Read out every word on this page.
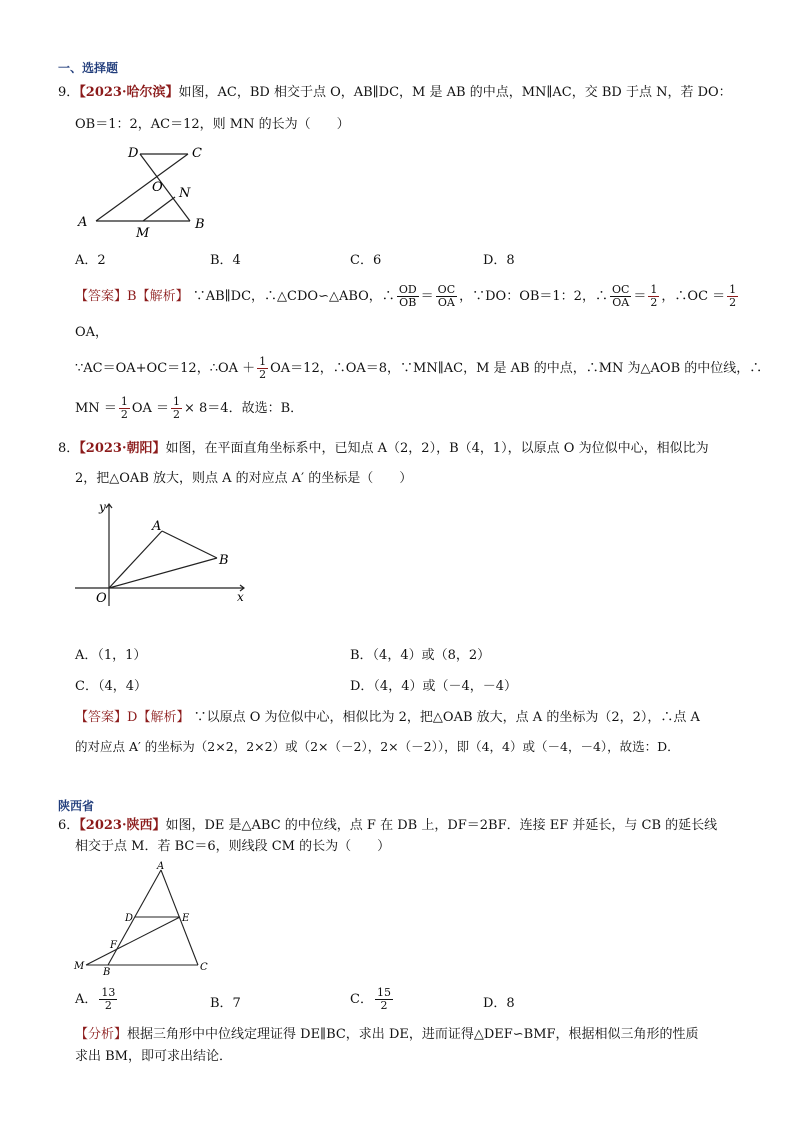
一、选择题
9．【2023·哈尔滨】如图，AC，BD 相交于点 O，AB∥DC，M 是 AB 的中点，MN∥AC，交 BD 于点 N，若 DO：
OB＝1：2，AC＝12，则 MN 的长为（　　）
D	C
O N
A
M
B
A．2	B．4	C．6	D．8
【答案】B【解析】 ∵AB∥DC，∴△CDO∽△ABO，∴ $\frac{OD}{OB} = \frac{OC}{OA}$ ，∵DO：OB＝1：2，∴ $\frac{OC}{OA} = \frac{1}{2}$ ，∴OC ＝ $\frac{1}{2}$
OA，
∵AC＝OA+OC＝12，∴OA ＋ $\frac{1}{2} OA=12$，∴OA＝8，∵MN∥AC，M 是 AB 的中点，∴MN 为△AOB 的中位线，∴
MN ＝ $\frac{1}{2}$ OA ＝ $\frac{1}{2} \times 8=4$．故选：B．
8．【2023·朝阳】如图，在平面直角坐标系中，已知点 A（2，2），B（4，1），以原点 O 为位似中心，相似比为
2，把△OAB 放大，则点 A 的对应点 A′ 的坐标是（　　）
y
A
B
O	x
A．（1，1）	B．（4，4）或（8，2）
C．（4，4）	D．（4，4）或（－4，－4）
【答案】D【解析】 ∵以原点 O 为位似中心，相似比为 2，把△OAB 放大，点 A 的坐标为（2，2），∴点 A
的对应点 A′ 的坐标为（2×2，2×2）或（2×（－2），2×（－2）），即（4，4）或（－4，－4），故选：D．
陕西省
6．【2023·陕西】如图，DE 是△ABC 的中位线，点 F 在 DB 上，DF＝2BF．连接 EF 并延长，与 CB 的延长线
相交于点 M．若 BC＝6，则线段 CM 的长为（　　）
A
D	E
F
M
B	C
A． $\frac{13}{2}$	B．7	C． $\frac{15}{2}$	D．8
【分析】根据三角形中中位线定理证得 DE∥BC，求出 DE，进而证得△DEF∽BMF，根据相似三角形的性质
求出 BM，即可求出结论．
